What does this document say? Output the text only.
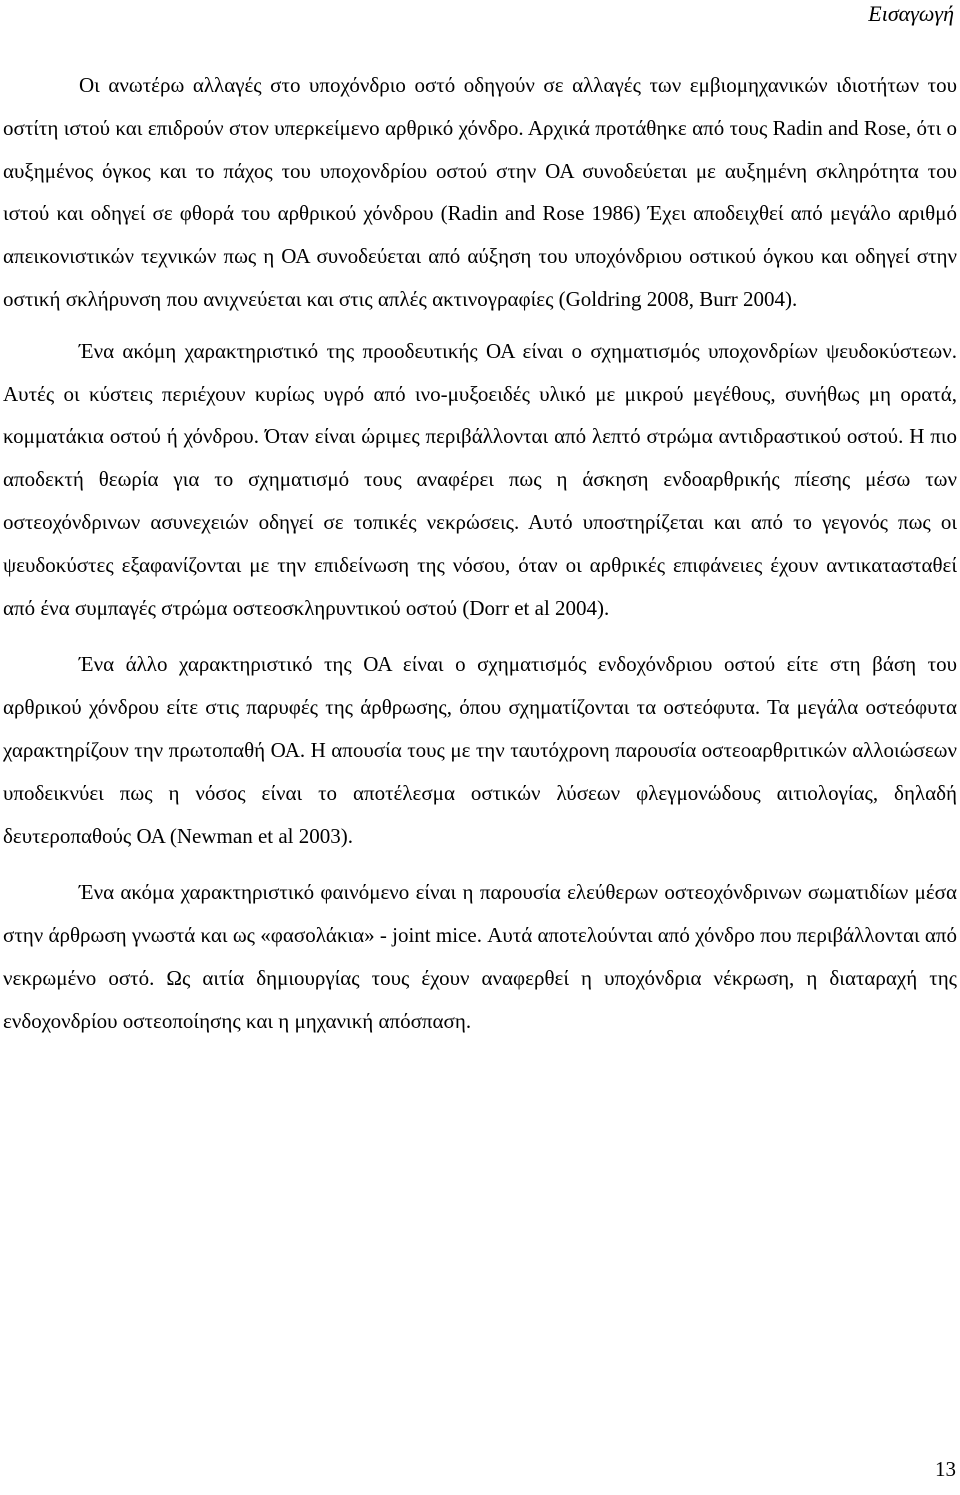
Εισαγωγή

Οι ανωτέρω αλλαγές στο υποχόνδριο οστό οδηγούν σε αλλαγές των εμβιομηχανικών ιδιοτήτων του οστίτη ιστού και επιδρούν στον υπερκείμενο αρθρικό χόνδρο. Αρχικά προτάθηκε από τους Radin and Rose, ότι ο αυξημένος όγκος και το πάχος του υποχονδρίου οστού στην ΟΑ συνοδεύεται με αυξημένη σκληρότητα του ιστού και οδηγεί σε φθορά του αρθρικού χόνδρου (Radin and Rose 1986) Έχει αποδειχθεί από μεγάλο αριθμό απεικονιστικών τεχνικών πως η ΟΑ συνοδεύεται από αύξηση του υποχόνδριου οστικού όγκου και οδηγεί στην οστική σκλήρυνση που ανιχνεύεται και στις απλές ακτινογραφίες (Goldring 2008, Burr 2004).

Ένα ακόμη χαρακτηριστικό της προοδευτικής ΟΑ είναι ο σχηματισμός υποχονδρίων ψευδοκύστεων. Αυτές οι κύστεις περιέχουν κυρίως υγρό από ινο-μυξοειδές υλικό με μικρού μεγέθους, συνήθως μη ορατά, κομματάκια οστού ή χόνδρου. Όταν είναι ώριμες περιβάλλονται από λεπτό στρώμα αντιδραστικού οστού. Η πιο αποδεκτή θεωρία για το σχηματισμό τους αναφέρει πως η άσκηση ενδοαρθρικής πίεσης μέσω των οστεοχόνδρινων ασυνεχειών οδηγεί σε τοπικές νεκρώσεις. Αυτό υποστηρίζεται και από το γεγονός πως οι ψευδοκύστες εξαφανίζονται με την επιδείνωση της νόσου, όταν οι αρθρικές επιφάνειες έχουν αντικατασταθεί από ένα συμπαγές στρώμα οστεοσκληρυντικού οστού (Dorr et al 2004).

Ένα άλλο χαρακτηριστικό της ΟΑ είναι ο σχηματισμός ενδοχόνδριου οστού είτε στη βάση του αρθρικού χόνδρου είτε στις παρυφές της άρθρωσης, όπου σχηματίζονται τα οστεόφυτα. Τα μεγάλα οστεόφυτα χαρακτηρίζουν την πρωτοπαθή ΟΑ. Η απουσία τους με την ταυτόχρονη παρουσία οστεοαρθριτικών αλλοιώσεων υποδεικνύει πως η νόσος είναι το αποτέλεσμα οστικών λύσεων φλεγμονώδους αιτιολογίας, δηλαδή δευτεροπαθούς ΟΑ (Newman et al 2003).

Ένα ακόμα χαρακτηριστικό φαινόμενο είναι η παρουσία ελεύθερων οστεοχόνδρινων σωματιδίων μέσα στην άρθρωση γνωστά και ως «φασολάκια» - joint mice. Αυτά αποτελούνται από χόνδρο που περιβάλλονται από νεκρωμένο οστό. Ως αιτία δημιουργίας τους έχουν αναφερθεί η υποχόνδρια νέκρωση, η διαταραχή της ενδοχονδρίου οστεοποίησης και η μηχανική απόσπαση.

13
